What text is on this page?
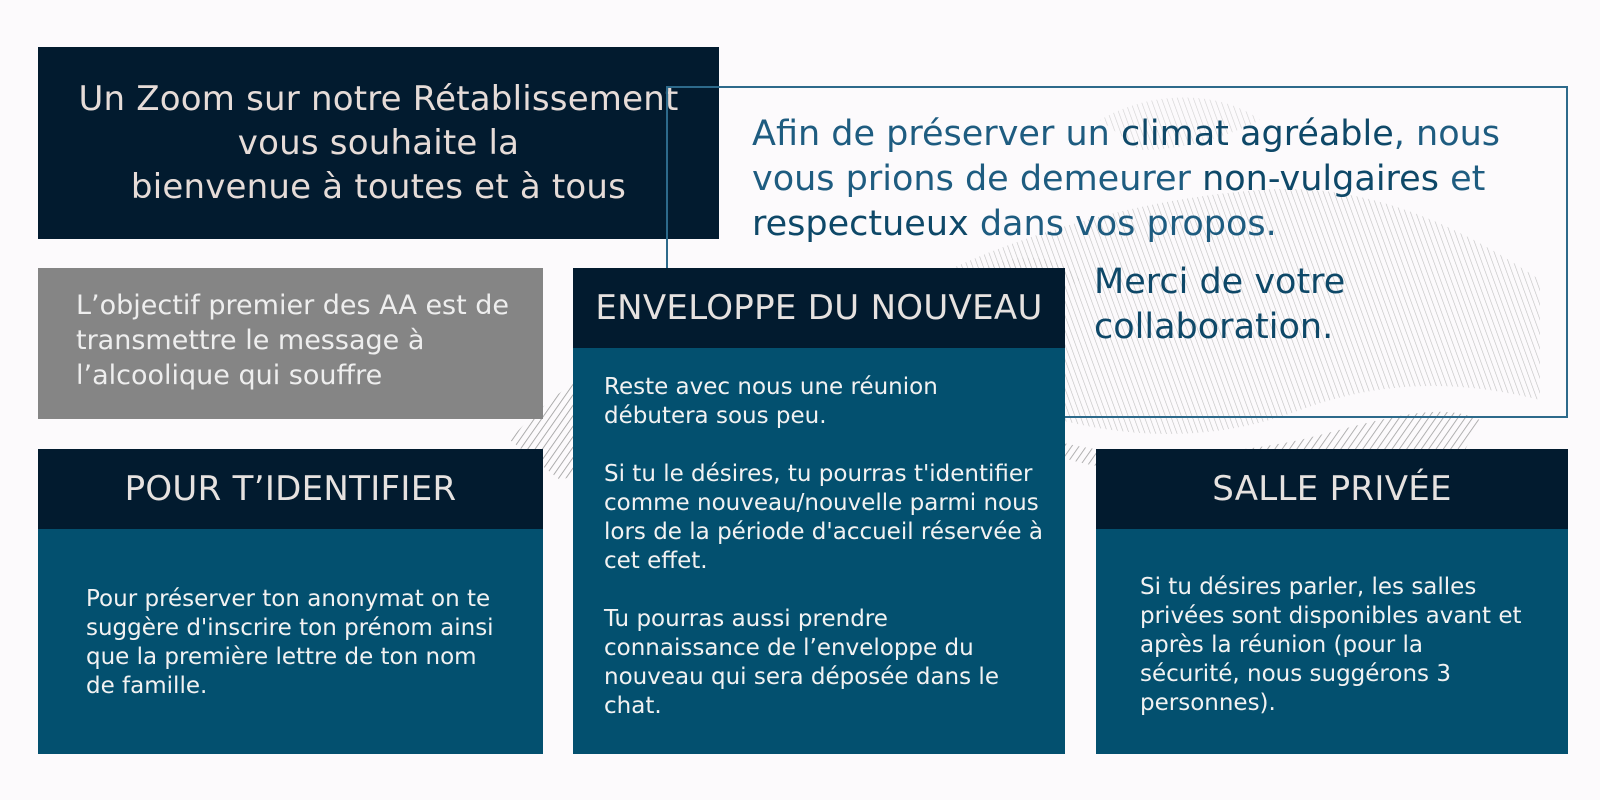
Un Zoom sur notre Rétablissement
vous souhaite la
bienvenue à toutes et à tous
Afin de préserver un climat agréable, nous vous prions de demeurer non-vulgaires et respectueux dans vos propos.
Merci de votre collaboration.
L’objectif premier des AA est de transmettre le message à l’alcoolique qui souffre
POUR T’IDENTIFIER

Pour préserver ton anonymat on te suggère d'inscrire ton prénom ainsi que la première lettre de ton nom de famille.

ENVELOPPE DU NOUVEAU

Reste avec nous une réunion débutera sous peu.

Si tu le désires, tu pourras t'identifier comme nouveau/nouvelle parmi nous lors de la période d'accueil réservée à cet effet.

Tu pourras aussi prendre connaissance de l’enveloppe du nouveau qui sera déposée dans le chat.

SALLE PRIVÉE

Si tu désires parler, les salles privées sont disponibles avant et après la réunion (pour la sécurité, nous suggérons 3 personnes).
